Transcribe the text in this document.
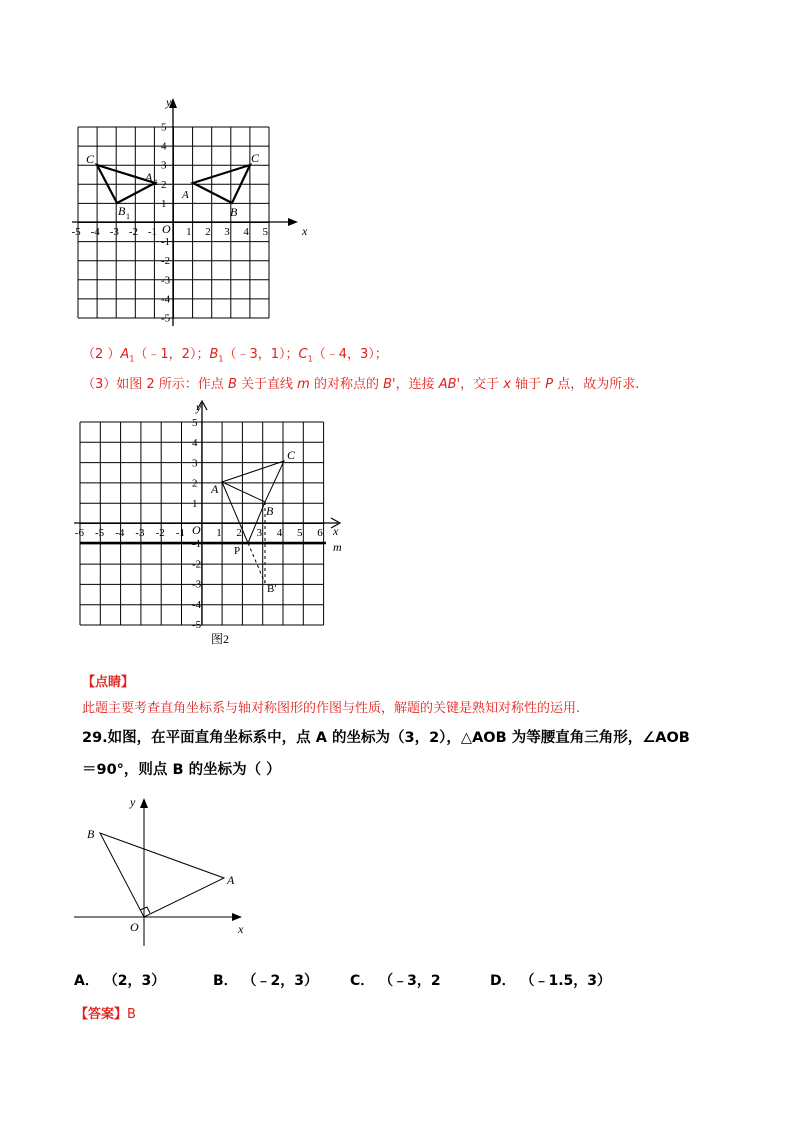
-5 -4 -3 -2 -1	1 2 3 4 5
5
4
3
2
1
-1
-2
-3
-4
-5
x
y
O
C
A 1
B 1
A
B
C
（2 ）$A_1(﹣1$，2）；$B_1(﹣3$，1）；$C_1(﹣4$，3）；
（3）如图 2 所示：作点 B 关于直线 m 的对称点的 B'，连接 AB'，交于 x 轴于 P 点，故为所求.
-6 -5 -4 -3 -2 -1	1 2 3 4 5 6
5
4
3
2
1
-1
-2
-3
-4
-5
x
y
O
m
A
B
C
P
B'
图2
【点睛】
此题主要考查直角坐标系与轴对称图形的作图与性质，解题的关键是熟知对称性的运用.
29.如图，在平面直角坐标系中，点 A 的坐标为（3，2），△AOB 为等腰直角三角形，∠AOB
＝90°，则点 B 的坐标为（ ）
x
y
O
A
B
A． （2，3）	B． （﹣2，3） C． （﹣3，2	D． （﹣1.5，3）
【答案】B
